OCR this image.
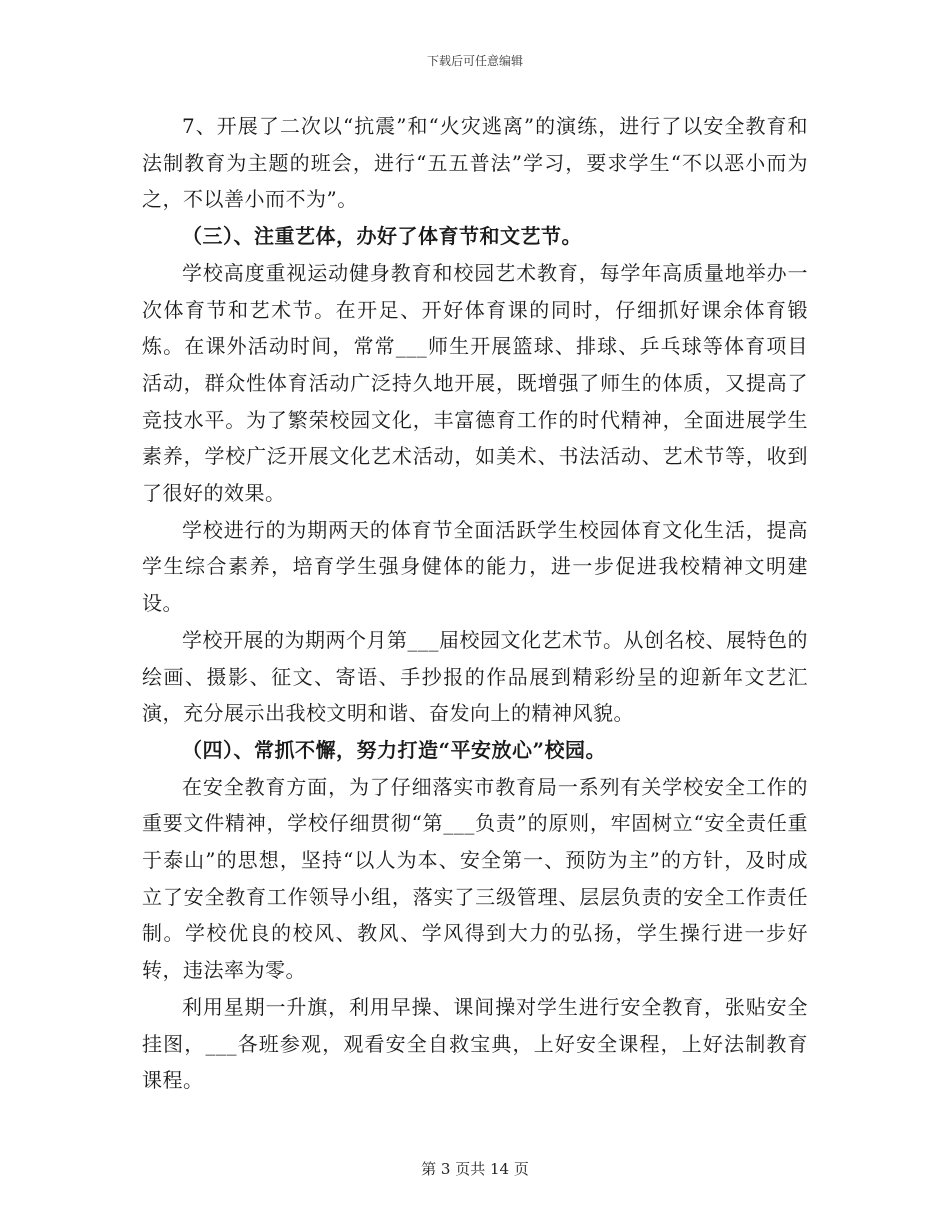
下载后可任意编辑

7、开展了二次以“抗震”和“火灾逃离”的演练，进行了以安全教育和法制教育为主题的班会，进行“五五普法”学习，要求学生“不以恶小而为之，不以善小而不为”。

（三）、注重艺体，办好了体育节和文艺节。

学校高度重视运动健身教育和校园艺术教育，每学年高质量地举办一次体育节和艺术节。在开足、开好体育课的同时，仔细抓好课余体育锻炼。在课外活动时间，常常___师生开展篮球、排球、乒乓球等体育项目活动，群众性体育活动广泛持久地开展，既增强了师生的体质，又提高了竞技水平。为了繁荣校园文化，丰富德育工作的时代精神，全面进展学生素养，学校广泛开展文化艺术活动，如美术、书法活动、艺术节等，收到了很好的效果。

学校进行的为期两天的体育节全面活跃学生校园体育文化生活，提高学生综合素养，培育学生强身健体的能力，进一步促进我校精神文明建设。

学校开展的为期两个月第___届校园文化艺术节。从创名校、展特色的绘画、摄影、征文、寄语、手抄报的作品展到精彩纷呈的迎新年文艺汇演，充分展示出我校文明和谐、奋发向上的精神风貌。

（四）、常抓不懈，努力打造“平安放心”校园。

在安全教育方面，为了仔细落实市教育局一系列有关学校安全工作的重要文件精神，学校仔细贯彻“第___负责”的原则，牢固树立“安全责任重于泰山”的思想，坚持“以人为本、安全第一、预防为主”的方针，及时成立了安全教育工作领导小组，落实了三级管理、层层负责的安全工作责任制。学校优良的校风、教风、学风得到大力的弘扬，学生操行进一步好转，违法率为零。

利用星期一升旗，利用早操、课间操对学生进行安全教育，张贴安全挂图，___各班参观，观看安全自救宝典，上好安全课程，上好法制教育课程。

第 3 页共 14 页
